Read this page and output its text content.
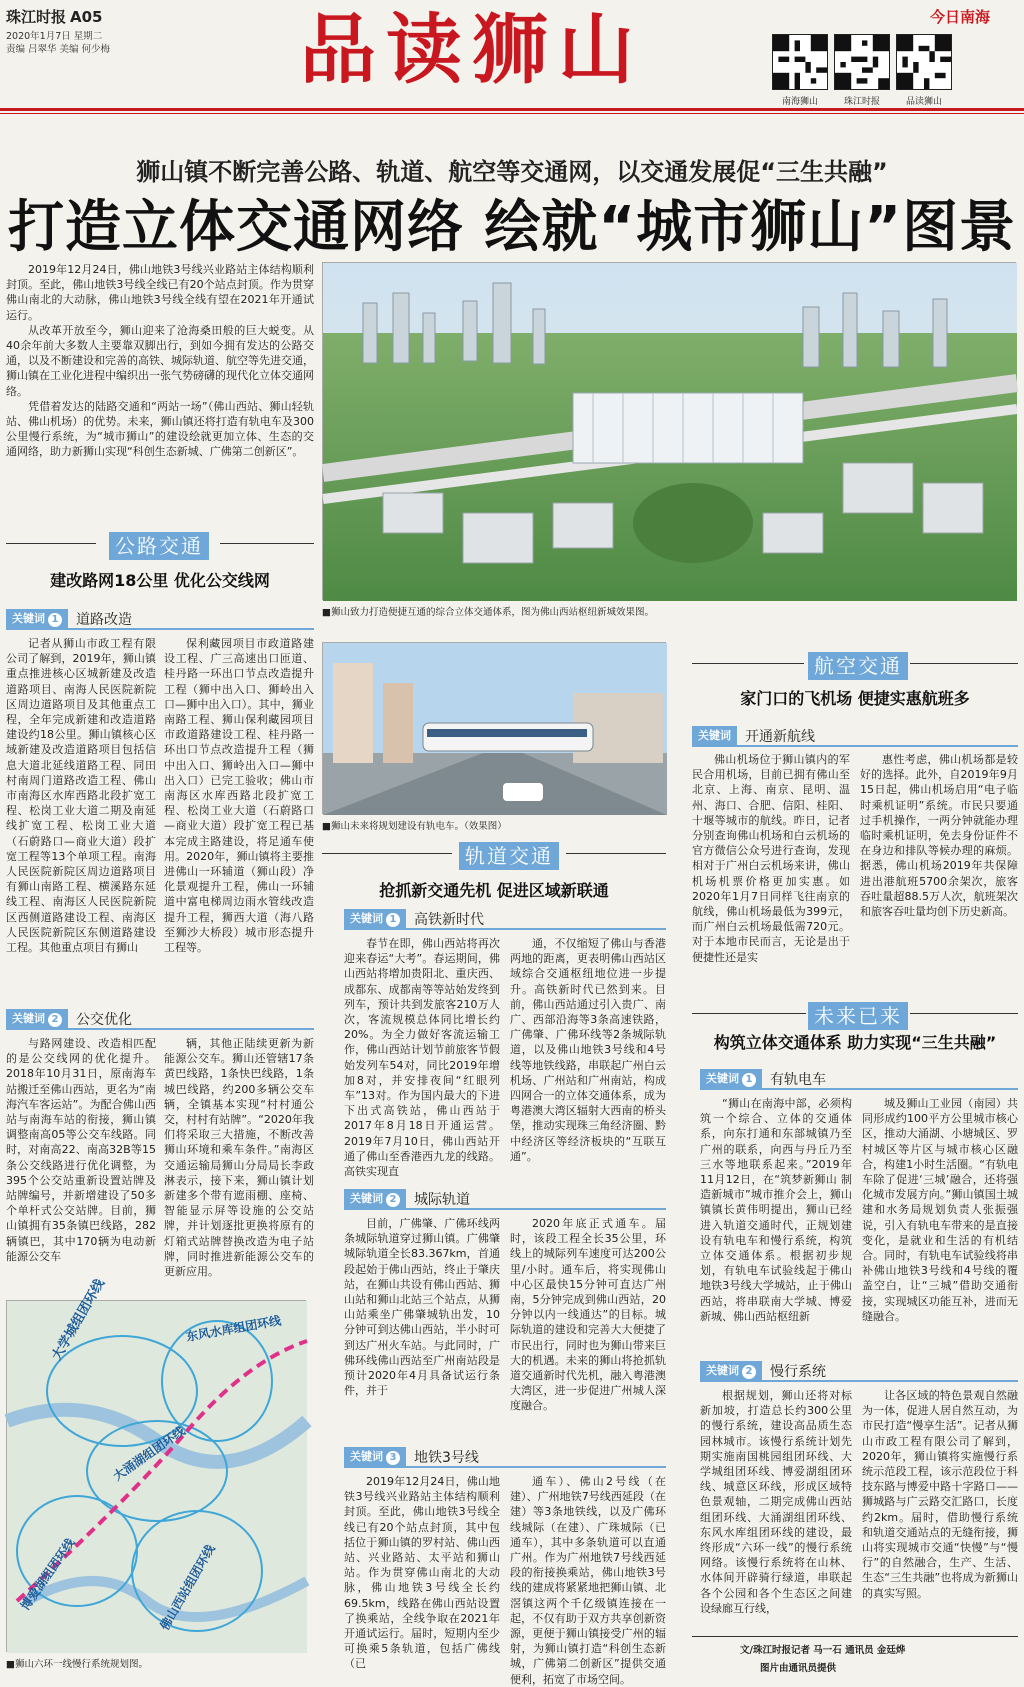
珠江时报 A05
2020年1月7日 星期二
责编 吕翠华 美编 何少梅 品读狮山	今日南海
南海狮山	珠江时报	品读狮山
狮山镇不断完善公路、轨道、航空等交通网，以交通发展促“三生共融”
打造立体交通网络 绘就“城市狮山”图景

2019年12月24日，佛山地铁3号线兴业路站主体结构顺利封顶。至此，佛山地铁3号线全线已有20个站点封顶。作为贯穿佛山南北的大动脉，佛山地铁3号线全线有望在2021年开通试运行。

从改革开放至今，狮山迎来了沧海桑田般的巨大蜕变。从40余年前大多数人主要靠双脚出行，到如今拥有发达的公路交通，以及不断建设和完善的高铁、城际轨道、航空等先进交通，狮山镇在工业化进程中编织出一张气势磅礴的现代化立体交通网络。

凭借着发达的陆路交通和“两站一场”（佛山西站、狮山轻轨站、佛山机场）的优势。未来，狮山镇还将打造有轨电车及300公里慢行系统，为“城市狮山”的建设绘就更加立体、生态的交通网络，助力新狮山实现“科创生态新城、广佛第二创新区”。

■狮山致力打造便捷互通的综合立体交通体系，图为佛山西站枢纽新城效果图。
公路交通
建改路网18公里 优化公交线网
关键词 1	道路改造

记者从狮山市政工程有限公司了解到，2019年，狮山镇重点推进核心区城新建及改造道路项目、南海人民医院新院区周边道路项目及其他重点工程，全年完成新建和改造道路建设约18公里。狮山镇核心区域新建及改造道路项目包括信息大道北延线道路工程、同田村南周门道路改造工程、佛山市南海区水库西路北段扩宽工程、松岗工业大道二期及南延线扩宽工程、松岗工业大道（石蔚路口—商业大道）段扩宽工程等13个单项工程。南海人民医院新院区周边道路项目有狮山南路工程、横溪路东延线工程、南海区人民医院新院区西侧道路建设工程、南海区人民医院新院区东侧道路建设工程。其他重点项目有狮山

保利藏园项目市政道路建设工程、广三高速出口匝道、桂丹路一环出口节点改造提升工程（狮中出入口、狮岭出入口—狮中出入口）。其中，狮业南路工程、狮山保利藏园项目市政道路建设工程、桂丹路一环出口节点改造提升工程（狮中出入口、狮岭出入口—狮中出入口）已完工验收；佛山市南海区水库西路北段扩宽工程、松岗工业大道（石蔚路口—商业大道）段扩宽工程已基本完成主路建设，将足通车使用。2020年，狮山镇将主要推进佛山一环辅道（狮山段）净化景观提升工程，佛山一环辅道中富电梯周边雨水管线改造提升工程，狮西大道（海八路至狮沙大桥段）城市形态提升工程等。

关键词 2	公交优化

与路网建设、改造相匹配的是公交线网的优化提升。2018年10月31日，原南海车站搬迁至佛山西站，更名为“南海汽车客运站”。为配合佛山西站与南海车站的衔接，狮山镇调整南高05等公交车线路。同时，对南高22、南高32B等15条公交线路进行优化调整，为395个公交站重新设置站牌及站牌编号，并新增建设了50多个单杆式公交站牌。目前，狮山镇拥有35条镇巴线路，282辆镇巴，其中170辆为电动新能源公交车

辆，其他正陆续更新为新能源公交车。狮山还管辖17条黄巴线路，1条快巴线路，1条城巴线路，约200多辆公交车辆，全镇基本实现“村村通公交，村村有站牌”。“2020年我们将采取三大措施，不断改善狮山环境和乘车条件。”南海区交通运输局狮山分局局长李政淋表示，接下来，狮山镇计划新建多个带有遮雨棚、座椅、智能显示屏等设施的公交站牌，并计划逐批更换将原有的灯箱式站牌替换改造为电子站牌，同时推进新能源公交车的更新应用。

大学城组团环线	东风水库组团环线
大涌湖组团环线
博爱湖组团环线	佛山西站组团环线
■狮山六环一线慢行系统规划图。
■狮山未来将规划建设有轨电车。（效果图）
轨道交通
抢抓新交通先机 促进区域新联通
关键词 1	高铁新时代

春节在即，佛山西站将再次迎来春运“大考”。春运期间，佛山西站将增加贵阳北、重庆西、成都东、成都南等等站始发终到列车，预计共到发旅客210万人次，客流规模总体同比增长约20%。为全力做好客流运输工作，佛山西站计划节前旅客节假始发列车54对，同比2019年增加8对，并安排夜间“红眼列车”13对。作为国内最大的下进下出式高铁站，佛山西站于2017年8月18日开通运营。2019年7月10日，佛山西站开通了佛山至香港西九龙的线路。高铁实现直

通，不仅缩短了佛山与香港两地的距离，更表明佛山西站区域综合交通枢纽地位进一步提升。高铁新时代已然到来。目前，佛山西站通过引入贵广、南广、西部沿海等3条高速铁路，广佛肇、广佛环线等2条城际轨道，以及佛山地铁3号线和4号线等地铁线路，串联起广州白云机场、广州站和广州南站，构成四网合一的立体交通体系，成为粤港澳大湾区辐射大西南的桥头堡，推动实现珠三角经济圈、黔中经济区等经济板块的“互联互通”。

关键词 2	城际轨道

目前，广佛肇、广佛环线两条城际轨道穿过狮山镇。广佛肇城际轨道全长83.367km，首通段起始于佛山西站，终止于肇庆站，在狮山共设有佛山西站、狮山站和狮山北站三个站点，从狮山站乘坐广佛肇城轨出发，10分钟可到达佛山西站，半小时可到达广州火车站。与此同时，广佛环线佛山西站至广州南站段是预计2020年4月具备试运行条件，并于

2020年底正式通车。届时，该段工程全长35公里，环线上的城际列车速度可达200公里/小时。通车后，将实现佛山中心区最快15分钟可直达广州南，5分钟完成到佛山西站，20分钟以内一线通达”的目标。城际轨道的建设和完善大大便捷了市民出行，同时也为狮山带来巨大的机遇。未来的狮山将抢抓轨道交通新时代先机，融入粤港澳大湾区，进一步促进广州城人深度融合。

关键词 3	地铁3号线

2019年12月24日，佛山地铁3号线兴业路站主体结构顺利封顶。至此，佛山地铁3号线全线已有20个站点封顶，其中包括位于狮山镇的罗村站、佛山西站、兴业路站、太平站和狮山站。作为贯穿佛山南北的大动脉，佛山地铁3号线全长约69.5km，线路在佛山西站设置了换乘站，全线争取在2021年开通试运行。届时，短期内至少可换乘5条轨道，包括广佛线（已

通车）、佛山2号线（在建）、广州地铁7号线西延段（在建）等3条地铁线，以及广佛环线城际（在建）、广珠城际（已通车），其中多条轨道可以直通广州。作为广州地铁7号线西延段的衔接换乘站，佛山地铁3号线的建成将紧紧地把狮山镇、北滘镇这两个千亿级镇连接在一起，不仅有助于双方共享创新资源，更便于狮山镇接受广州的辐射，为狮山镇打造“科创生态新城，广佛第二创新区”提供交通便利，拓宽了市场空间。

航空交通
家门口的飞机场 便捷实惠航班多
关键词	开通新航线

佛山机场位于狮山镇内的军民合用机场，目前已拥有佛山至北京、上海、南京、昆明、温州、海口、合肥、信阳、桂阳、十堰等城市的航线。昨日，记者分别查询佛山机场和白云机场的官方微信公众号进行查询，发现相对于广州白云机场来讲，佛山机场机票价格更加实惠。如2020年1月7日同样飞往南京的航线，佛山机场最低为399元，而广州白云机场最低需720元。对于本地市民而言，无论是出于便捷性还是实

惠性考虑，佛山机场都是较好的选择。此外，自2019年9月15日起，佛山机场启用“电子临时乘机证明”系统。市民只要通过手机操作，一两分钟就能办理临时乘机证明，免去身份证件不在身边和排队等候办理的麻烦。据悉，佛山机场2019年共保障进出港航班5700余架次，旅客吞吐量超88.5万人次，航班架次和旅客吞吐量均创下历史新高。

未来已来
构筑立体交通体系 助力实现“三生共融”
关键词 1	有轨电车

“狮山在南海中部，必须构筑一个综合、立体的交通体系，向东打通和东部城镇乃至广州的联系，向西与丹丘乃至三水等地联系起来。”2019年11月12日，在“筑梦新狮山 制造新城市”城市推介会上，狮山镇镇长黄伟明提出，狮山已经进入轨道交通时代，正规划建设有轨电车和慢行系统，构筑立体交通体系。根据初步规划，有轨电车试验线起于佛山地铁3号线大学城站，止于佛山西站，将串联南大学城、博爱新城、佛山西站枢纽新

城及狮山工业园（南园）共同形成约100平方公里城市核心区，推动大涌湖、小塘城区、罗村城区等片区与城市核心区融合，构建1小时生活圈。“有轨电车除了促进‘三城’融合，还将强化城市发展方向。”狮山镇国土城建和水务局规划负责人张振强说，引入有轨电车带来的是直接变化，是就业和生活的有机结合。同时，有轨电车试验线将串补佛山地铁3号线和4号线的覆盖空白，让“三城”借助交通衔接，实现城区功能互补，进而无缝融合。

关键词 2	慢行系统

根据规划，狮山还将对标新加坡，打造总长约300公里的慢行系统，建设高品质生态园林城市。该慢行系统计划先期实施南国桃园组团环线、大学城组团环线、博爱湖组团环线、城意区环线，形成区域特色景观轴，二期完成佛山西站组团环线、大涌湖组团环线、东风水库组团环线的建设，最终形成“六环一线”的慢行系统网络。该慢行系统将在山林、水体间开辟骑行绿道，串联起各个公园和各个生态区之间建设绿廊互行线，

让各区域的特色景观自然融为一体，促进人居自然互动，为市民打造“慢享生活”。记者从狮山市政工程有限公司了解到，2020年，狮山镇将实施慢行系统示范段工程，该示范段位于科技东路与博爱中路十字路口——狮城路与广云路交汇路口，长度约2km。届时，借助慢行系统和轨道交通站点的无缝衔接，狮山将实现城市交通“快慢”与“慢行”的自然融合，生产、生活、生态“三生共融”也将成为新狮山的真实写照。

文/珠江时报记者 马一石 通讯员 金廷烨
图片由通讯员提供
